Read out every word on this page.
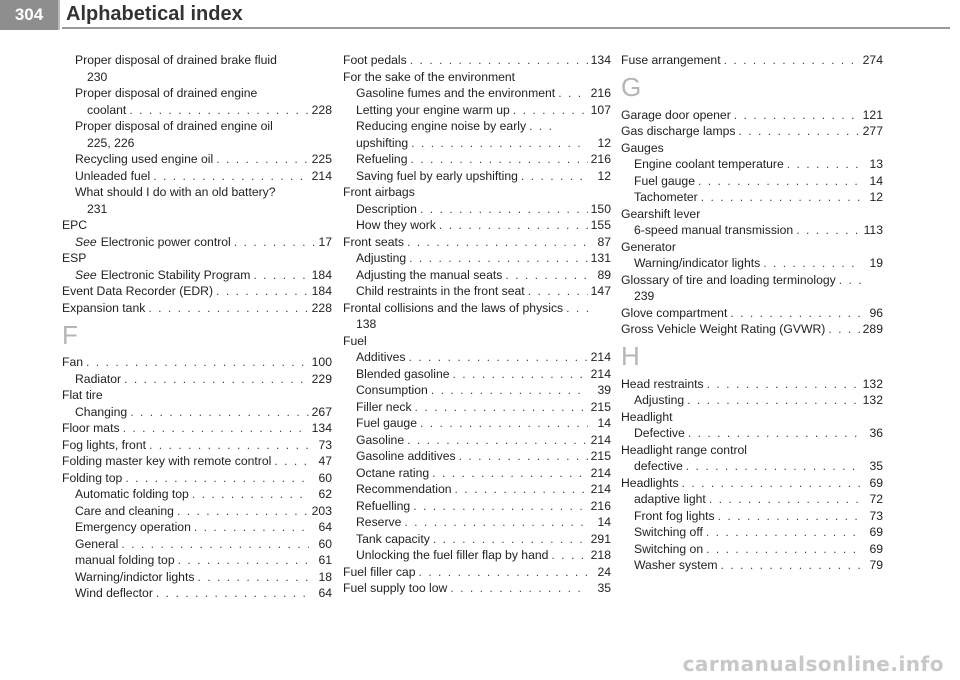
304	Alphabetical index
Proper disposal of drained brake fluid
230
Proper disposal of drained engine
coolant . . .	228
Proper disposal of drained engine oil
225, 226
Recycling used engine oil . . .	225
Unleaded fuel . . .	214
What should I do with an old battery?
231
EPC
See Electronic power control . . .	17
ESP
See Electronic Stability Program . . .	184
Event Data Recorder (EDR) . . .	184
Expansion tank . . .	228
F
Fan . . .	100
Radiator . . .	229
Flat tire
Changing . . .	267
Floor mats . . .	134
Fog lights, front . . .	73
Folding master key with remote control . . .	47
Folding top . . .	60
Automatic folding top . . .	62
Care and cleaning . . .	203
Emergency operation . . .	64
General . . .	60
manual folding top . . .	61
Warning/indictor lights . . .	18
Wind deflector . . .	64
Foot pedals . . .	134
For the sake of the environment
Gasoline fumes and the environment . . .	216
Letting your engine warm up . . .	107
Reducing engine noise by early
. . .
upshifting . . .	12
Refueling . . .	216
Saving fuel by early upshifting . . .	12
Front airbags
Description . . .	150
How they work . . .	155
Front seats . . .	87
Adjusting . . .	131
Adjusting the manual seats . . .	89
Child restraints in the front seat . . .	147
Frontal collisions and the laws of physics
. . .
138
Fuel
Additives . . .	214
Blended gasoline . . .	214
Consumption . . .	39
Filler neck . . .	215
Fuel gauge . . .	14
Gasoline . . .	214
Gasoline additives . . .	215
Octane rating . . .	214
Recommendation . . .	214
Refuelling . . .	216
Reserve . . .	14
Tank capacity . . .	291
Unlocking the fuel filler flap by hand . . .	218
Fuel filler cap . . .	24
Fuel supply too low . . .	35
Fuse arrangement . . .	274
G
Garage door opener . . .	121
Gas discharge lamps . . .	277
Gauges
Engine coolant temperature . . .	13
Fuel gauge . . .	14
Tachometer . . .	12
Gearshift lever
6-speed manual transmission . . .	113
Generator
Warning/indicator lights . . .	19
Glossary of tire and loading terminology
. . .
239
Glove compartment . . .	96
Gross Vehicle Weight Rating (GVWR) . . .	289
H
Head restraints . . .	132
Adjusting . . .	132
Headlight
Defective . . .	36
Headlight range control
defective . . .	35
Headlights . . .	69
adaptive light . . .	72
Front fog lights . . .	73
Switching off . . .	69
Switching on . . .	69
Washer system . . .	79
carmanualsonline.info
